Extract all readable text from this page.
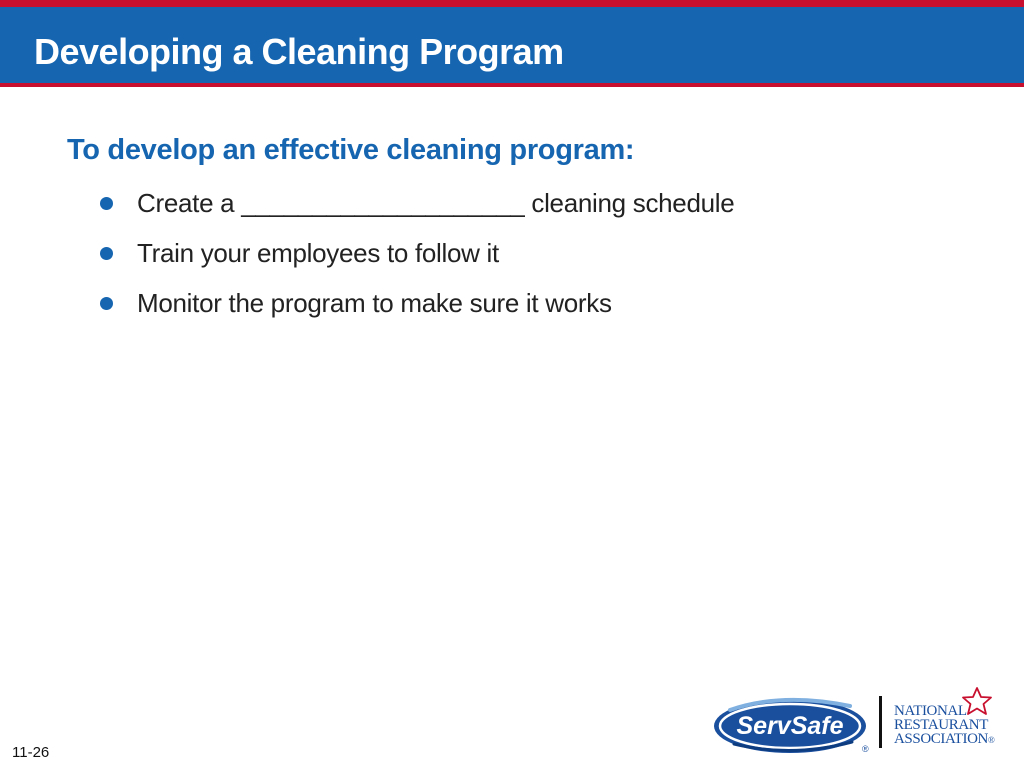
Developing a Cleaning Program

To develop an effective cleaning program:

Create a ____________________ cleaning schedule
Train your employees to follow it
Monitor the program to make sure it works
11-26
ServSafe
®
NATIONAL
RESTAURANT
ASSOCIATION®
